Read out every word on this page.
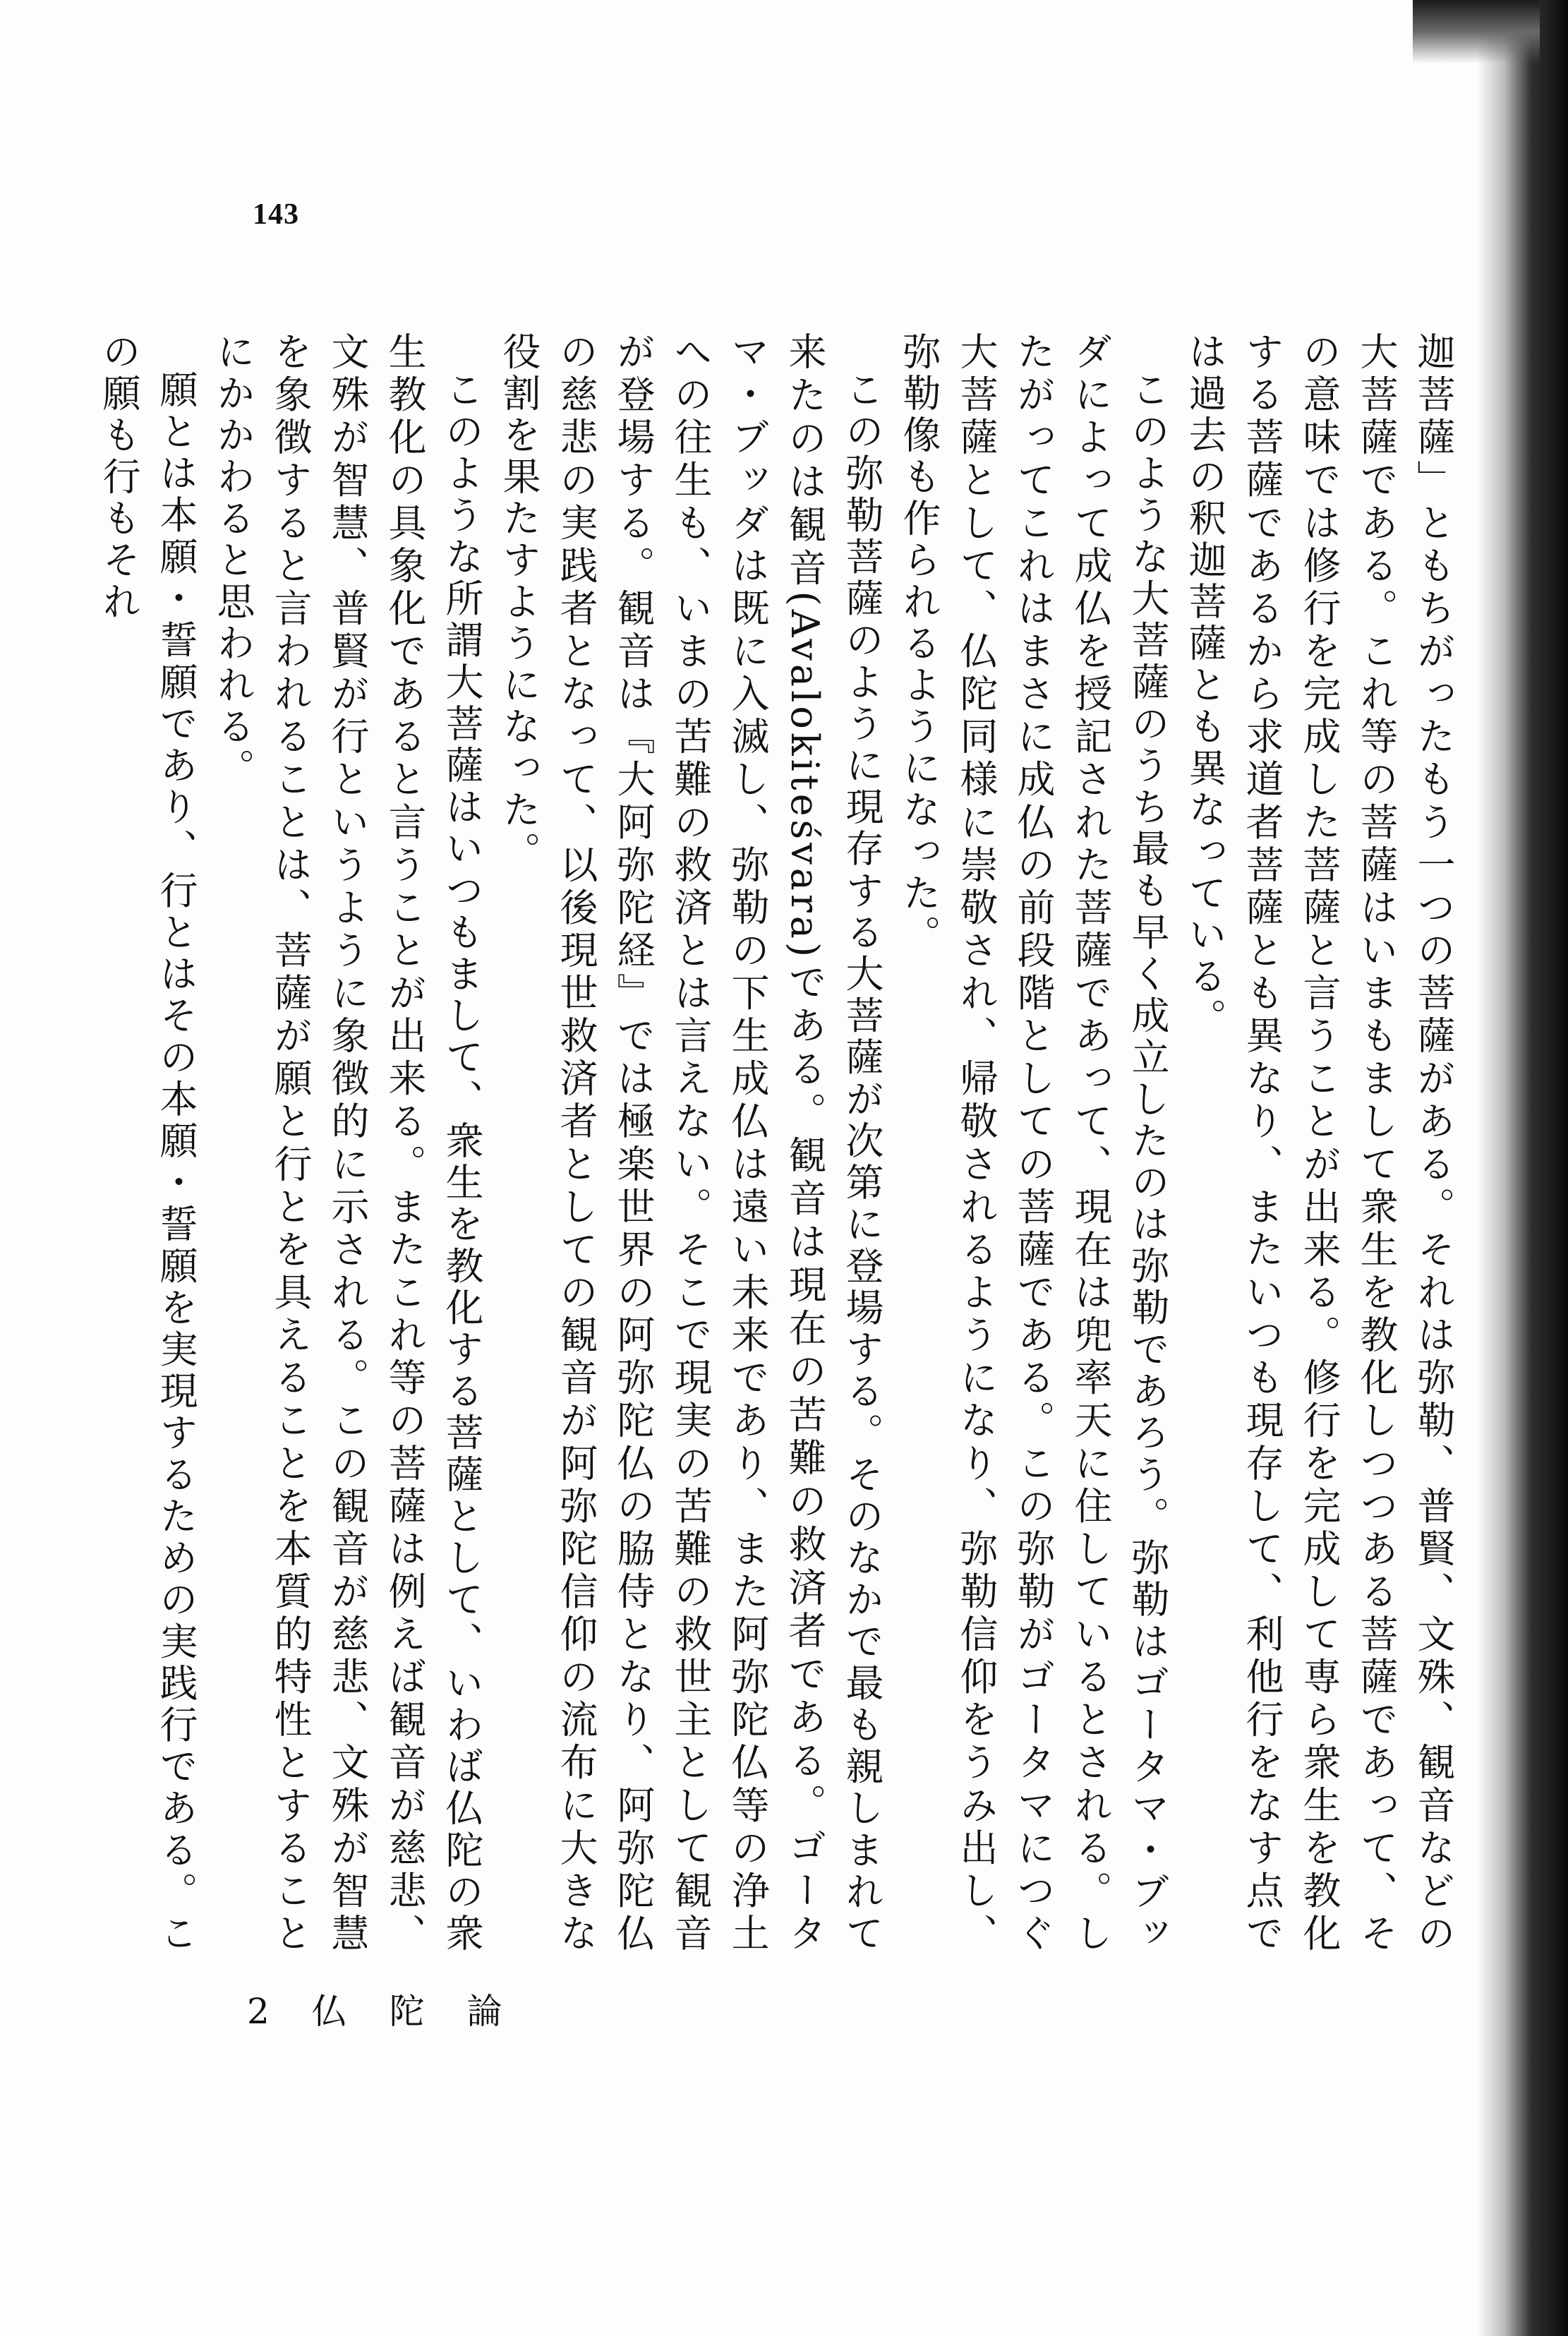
143

迦菩薩」ともちがったもう一つの菩薩がある。それは弥勒、普賢、文殊、観音などの大菩薩である。これ等の菩薩はいまもまして衆生を教化しつつある菩薩であって、その意味では修行を完成した菩薩と言うことが出来る。修行を完成して専ら衆生を教化する菩薩であるから求道者菩薩とも異なり、またいつも現存して、利他行をなす点では過去の釈迦菩薩とも異なっている。

このような大菩薩のうち最も早く成立したのは弥勒であろう。弥勒はゴータマ・ブッダによって成仏を授記された菩薩であって、現在は兜率天に住しているとされる。したがってこれはまさに成仏の前段階としての菩薩である。この弥勒がゴータマにつぐ大菩薩として、仏陀同様に崇敬され、帰敬されるようになり、弥勒信仰をうみ出し、弥勒像も作られるようになった。

この弥勒菩薩のように現存する大菩薩が次第に登場する。そのなかで最も親しまれて来たのは観音(Avalokiteśvara)である。観音は現在の苦難の救済者である。ゴータマ・ブッダは既に入滅し、弥勒の下生成仏は遠い未来であり、また阿弥陀仏等の浄土への往生も、いまの苦難の救済とは言えない。そこで現実の苦難の救世主として観音が登場する。観音は『大阿弥陀経』では極楽世界の阿弥陀仏の脇侍となり、阿弥陀仏の慈悲の実践者となって、以後現世救済者としての観音が阿弥陀信仰の流布に大きな役割を果たすようになった。

このような所謂大菩薩はいつもまして、衆生を教化する菩薩として、いわば仏陀の衆生教化の具象化であると言うことが出来る。またこれ等の菩薩は例えば観音が慈悲、文殊が智慧、普賢が行というように象徴的に示される。この観音が慈悲、文殊が智慧を象徴すると言われることは、菩薩が願と行とを具えることを本質的特性とすることにかかわると思われる。

願とは本願・誓願であり、行とはその本願・誓願を実現するための実践行である。この願も行もそれ

2 仏 陀 論
